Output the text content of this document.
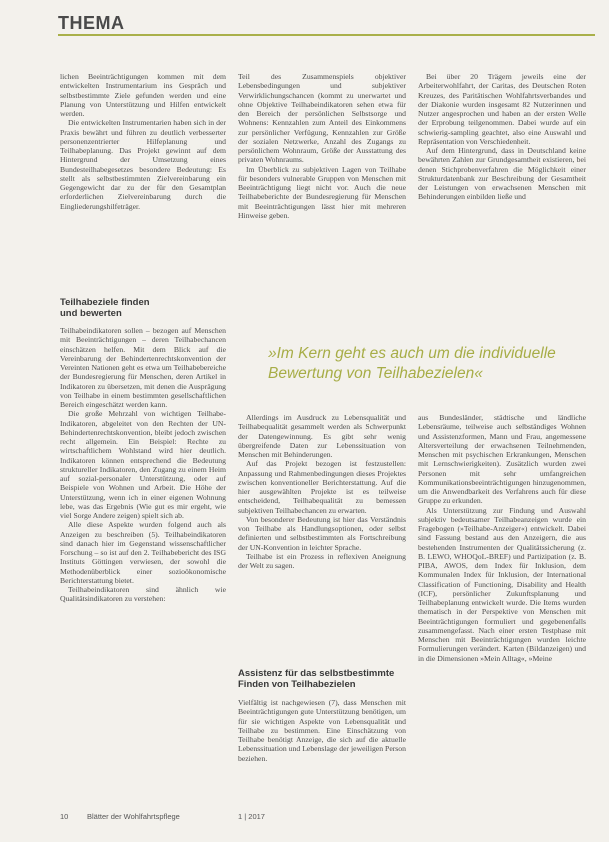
THEMA

lichen Beeinträchtigungen kommen mit dem entwickelten Instrumentarium ins Gespräch und selbstbestimmte Ziele gefunden werden und eine Planung von Unterstützung und Hilfen entwickelt werden.

Die entwickelten Instrumentarien haben sich in der Praxis bewährt und führen zu deutlich verbesserter personenzentrierter Hilfeplanung und Teilhabeplanung. Das Projekt gewinnt auf dem Hintergrund der Umsetzung eines Bundesteilhabegesetzes besondere Bedeutung: Es stellt als selbstbestimmten Zielvereinbarung ein Gegengewicht dar zu der für den Gesamtplan erforderlichen Zielvereinbarung durch die Eingliederungshilfeträger.

Teilhabeziele finden

und bewerten

Teilhabeindikatoren sollen – bezogen auf Menschen mit Beeinträchtigungen – deren Teilhabechancen einschätzen helfen. Mit dem Blick auf die Vereinbarung der Behindertenrechtskonvention der Vereinten Nationen geht es etwa um Teilhabebereiche der Bundesregierung für Menschen, deren Artikel in Indikatoren zu übersetzen, mit denen die Ausprägung von Teilhabe in einem bestimmten gesellschaftlichen Bereich eingeschätzt werden kann.

Die große Mehrzahl von wichtigen Teilhabe-Indikatoren, abgeleitet von den Rechten der UN-Behindertenrechtskonvention, bleibt jedoch zwischen recht allgemein. Ein Beispiel: Rechte zu wirtschaftlichem Wohlstand wird hier deutlich. Indikatoren können entsprechend die Bedeutung struktureller Indikatoren, den Zugang zu einem Heim auf sozial-personaler Unterstützung, oder auf Beispiele von Wohnen und Arbeit. Die Höhe der Unterstützung, wenn ich in einer eigenen Wohnung lebe, was das Ergebnis (Wie gut es mir ergeht, wie viel Sorge Andere zeigen) spielt sich ab.

Alle diese Aspekte wurden folgend auch als Anzeigen zu beschreiben (5). Teilhabeindikatoren sind danach hier im Gegenstand wissenschaftlicher Forschung – so ist auf den 2. Teilhabebericht des ISG Instituts Göttingen verwiesen, der sowohl die Methodenüberblick einer sozioökonomische Berichterstattung bietet.

Teilhabeindikatoren sind ähnlich wie Qualitätsindikatoren zu verstehen:

Teil des Zusammenspiels objektiver Lebensbedingungen und subjektiver Verwirklichungschancen (kommt zu unerwartet und ohne Objektive Teilhabeindikatoren sehen etwa für den Bereich der persönlichen Selbstsorge und Wohnens: Kennzahlen zum Anteil des Einkommens zur persönlicher Verfügung, Kennzahlen zur Größe der sozialen Netzwerke, Anzahl des Zugangs zu persönlichem Wohnraum, Größe der Ausstattung des privaten Wohnraums.

Im Überblick zu subjektiven Lagen von Teilhabe für besonders vulnerable Gruppen von Menschen mit Beeinträchtigung liegt nicht vor. Auch die neue Teilhabeberichte der Bundesregierung für Menschen mit Beeinträchtigungen lässt hier mit mehreren Hinweise geben.

Bei über 20 Trägern jeweils eine der Arbeiterwohlfahrt, der Caritas, des Deutschen Roten Kreuzes, des Paritätischen Wohlfahrtsverbandes und der Diakonie wurden insgesamt 82 Nutzerinnen und Nutzer angesprochen und haben an der ersten Welle der Erprobung teilgenommen. Dabei wurde auf ein schwierig-sampling geachtet, also eine Auswahl und Repräsentation von Verschiedenheit.

Auf dem Hintergrund, dass in Deutschland keine bewährten Zahlen zur Grundgesamtheit existieren, bei denen Stichprobenverfahren die Möglichkeit einer Strukturdatenbank zur Beschreibung der Gesamtheit der Leistungen von erwachsenen Menschen mit Behinderungen einbilden ließe und

»Im Kern geht es auch um die individuelle Bewertung von Teilhabezielen«

Allerdings im Ausdruck zu Lebensqualität und Teilhabequalität gesammelt werden als Schwerpunkt der Datengewinnung. Es gibt sehr wenig übergreifende Daten zur Lebenssituation von Menschen mit Behinderungen.

Auf das Projekt bezogen ist festzustellen: Anpassung und Rahmenbedingungen dieses Projektes zwischen konventioneller Berichterstattung. Auf die hier ausgewählten Projekte ist es teilweise entscheidend, Teilhabequalität zu bemessen subjektiven Teilhabechancen zu erwarten.

Von besonderer Bedeutung ist hier das Verständnis von Teilhabe als Handlungsoptionen, oder selbst definierten und selbstbestimmten als Fortschreibung der UN-Konvention in leichter Sprache.

Teilhabe ist ein Prozess in reflexiven Aneignung der Welt zu sagen.

Assistenz für das selbstbestimmte

Finden von Teilhabezielen

Vielfältig ist nachgewiesen (7), dass Menschen mit Beeinträchtigungen gute Unterstützung benötigen, um für sie wichtigen Aspekte von Lebensqualität und Teilhabe zu bestimmen. Eine Einschätzung von Teilhabe benötigt Anzeige, die sich auf die aktuelle Lebenssituation und Lebenslage der jeweiligen Person beziehen.

aus Bundesländer, städtische und ländliche Lebensräume, teilweise auch selbständiges Wohnen und Assistenzformen, Mann und Frau, angemessene Altersverteilung der erwachsenen Teilnehmenden, Menschen mit psychischen Erkrankungen, Menschen mit Lernschwierigkeiten). Zusätzlich wurden zwei Personen mit sehr umfangreichen Kommunikationsbeeinträchtigungen hinzugenommen, um die Anwendbarkeit des Verfahrens auch für diese Gruppe zu erkunden.

Als Unterstützung zur Findung und Auswahl subjektiv bedeutsamer Teilhabeanzeigen wurde ein Fragebogen (»Teilhabe-Anzeiger«) entwickelt. Dabei sind Fassung bestand aus den Anzeigern, die aus bestehenden Instrumenten der Qualitätssicherung (z. B. LEWO, WHOQoL-BREF) und Partizipation (z. B. PIBA, AWOS, dem Index für Inklusion, dem Kommunalen Index für Inklusion, der International Classification of Functioning, Disability and Health (ICF), persönlicher Zukunftsplanung und Teilhabeplanung entwickelt wurde. Die Items wurden thematisch in der Perspektive von Menschen mit Beeinträchtigungen formuliert und gegebenenfalls zusammengefasst. Nach einer ersten Testphase mit Menschen mit Beeinträchtigungen wurden leichte Formulierungen verändert. Karten (Bildanzeigen) und in die Dimensionen »Mein Alltag«, »Meine

10 Blätter der Wohlfahrtspflege	1 | 2017
